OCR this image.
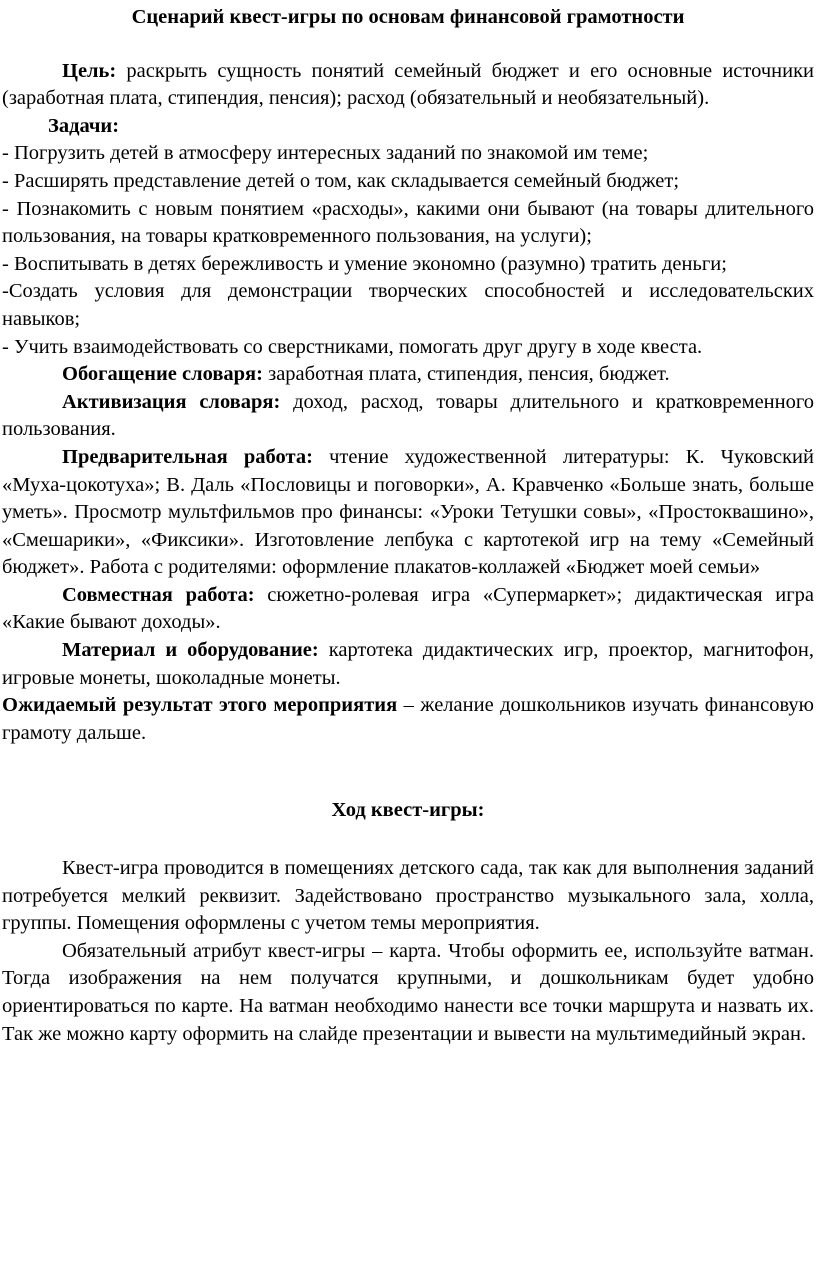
Сценарий квест-игры по основам финансовой грамотности

Цель: раскрыть сущность понятий семейный бюджет и его основные источники (заработная плата, стипендия, пенсия); расход (обязательный и необязательный).

Задачи:

- Погрузить детей в атмосферу интересных заданий по знакомой им теме;

- Расширять представление детей о том, как складывается семейный бюджет;

- Познакомить с новым понятием «расходы», какими они бывают (на товары длительного пользования, на товары кратковременного пользования, на услуги);

- Воспитывать в детях бережливость и умение экономно (разумно) тратить деньги;

-Создать условия для демонстрации творческих способностей и исследовательских навыков;

- Учить взаимодействовать со сверстниками, помогать друг другу в ходе квеста.

Обогащение словаря: заработная плата, стипендия, пенсия, бюджет.

Активизация словаря: доход, расход, товары длительного и кратковременного пользования.

Предварительная работа: чтение художественной литературы: К. Чуковский «Муха-цокотуха»; В. Даль «Пословицы и поговорки», А. Кравченко «Больше знать, больше уметь». Просмотр мультфильмов про финансы: «Уроки Тетушки совы», «Простоквашино», «Смешарики», «Фиксики». Изготовление лепбука с картотекой игр на тему «Семейный бюджет». Работа с родителями: оформление плакатов-коллажей «Бюджет моей семьи»

Совместная работа: сюжетно-ролевая игра «Супермаркет»; дидактическая игра «Какие бывают доходы».

Материал и оборудование: картотека дидактических игр, проектор, магнитофон, игровые монеты, шоколадные монеты.

Ожидаемый результат этого мероприятия – желание дошкольников изучать финансовую грамоту дальше.

Ход квест-игры:

Квест-игра проводится в помещениях детского сада, так как для выполнения заданий потребуется мелкий реквизит. Задействовано пространство музыкального зала, холла, группы. Помещения оформлены с учетом темы мероприятия.

Обязательный атрибут квест-игры – карта. Чтобы оформить ее, используйте ватман. Тогда изображения на нем получатся крупными, и дошкольникам будет удобно ориентироваться по карте. На ватман необходимо нанести все точки маршрута и назвать их. Так же можно карту оформить на слайде презентации и вывести на мультимедийный экран.
